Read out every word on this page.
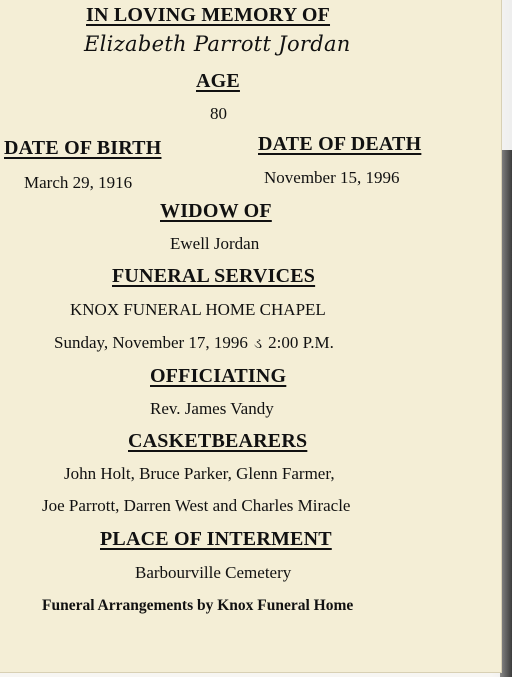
IN LOVING MEMORY OF
Elizabeth Parrott Jordan
AGE
80
DATE OF BIRTH
March 29, 1916
DATE OF DEATH
November 15, 1996
WIDOW OF
Ewell Jordan
FUNERAL SERVICES
KNOX FUNERAL HOME CHAPEL
Sunday, November 17, 1996 ડ 2:00 P.M.
OFFICIATING
Rev. James Vandy
CASKETBEARERS
John Holt, Bruce Parker, Glenn Farmer,
Joe Parrott, Darren West and Charles Miracle
PLACE OF INTERMENT
Barbourville Cemetery
Funeral Arrangements by Knox Funeral Home
